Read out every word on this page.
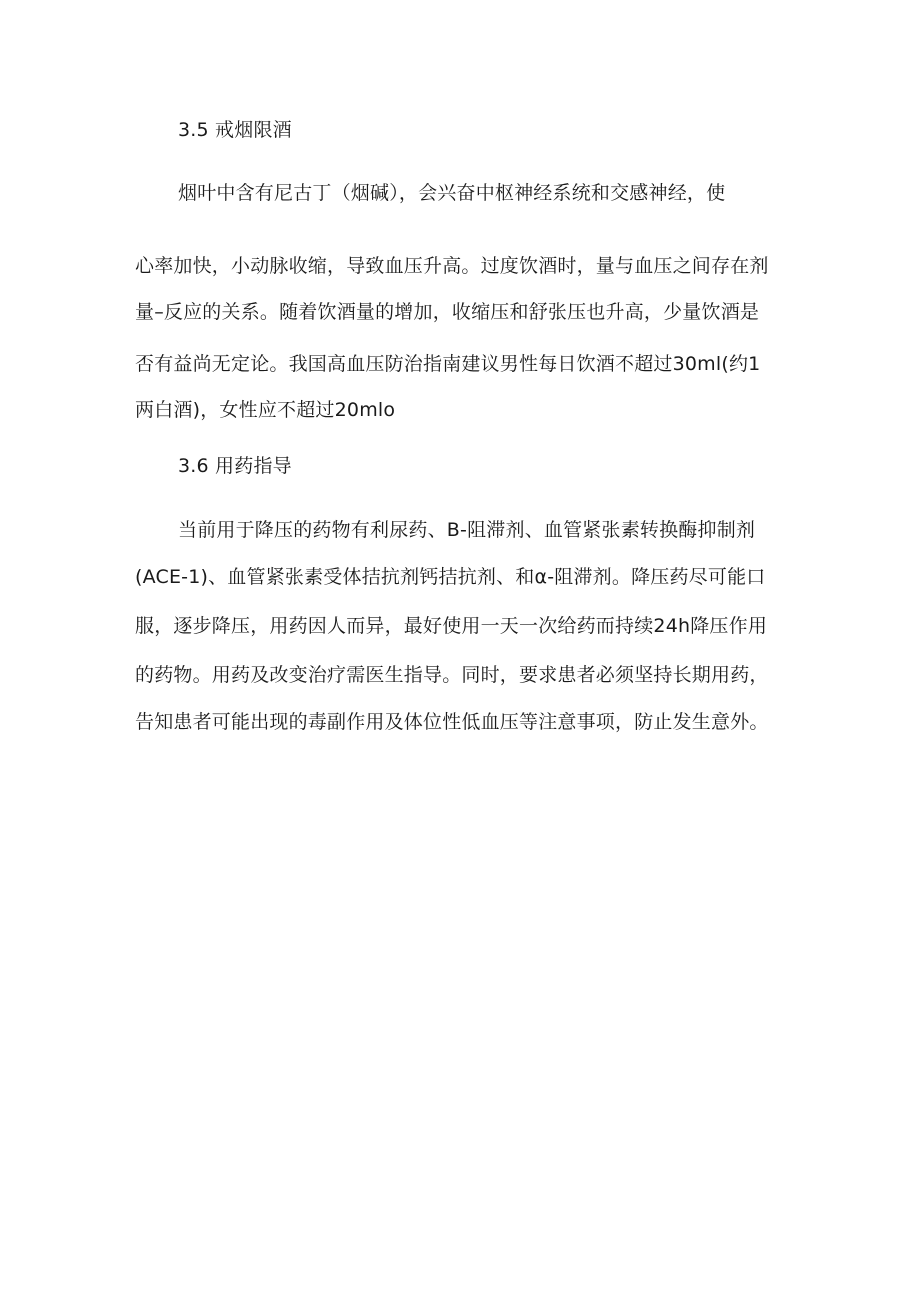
3.5 戒烟限酒
烟叶中含有尼古丁（烟碱），会兴奋中枢神经系统和交感神经，使
心率加快，小动脉收缩，导致血压升高。过度饮酒时，量与血压之间存在剂
量–反应的关系。随着饮酒量的增加，收缩压和舒张压也升高，少量饮酒是
否有益尚无定论。我国高血压防治指南建议男性每日饮酒不超过30ml(约1
两白酒)，女性应不超过20mlo
3.6 用药指导
当前用于降压的药物有利尿药、B-阻滞剂、血管紧张素转换酶抑制剂
(ACE-1)、血管紧张素受体拮抗剂钙拮抗剂、和α-阻滞剂。降压药尽可能口
服，逐步降压，用药因人而异，最好使用一天一次给药而持续24h降压作用
的药物。用药及改变治疗需医生指导。同时，要求患者必须坚持长期用药，
告知患者可能出现的毒副作用及体位性低血压等注意事项，防止发生意外。
